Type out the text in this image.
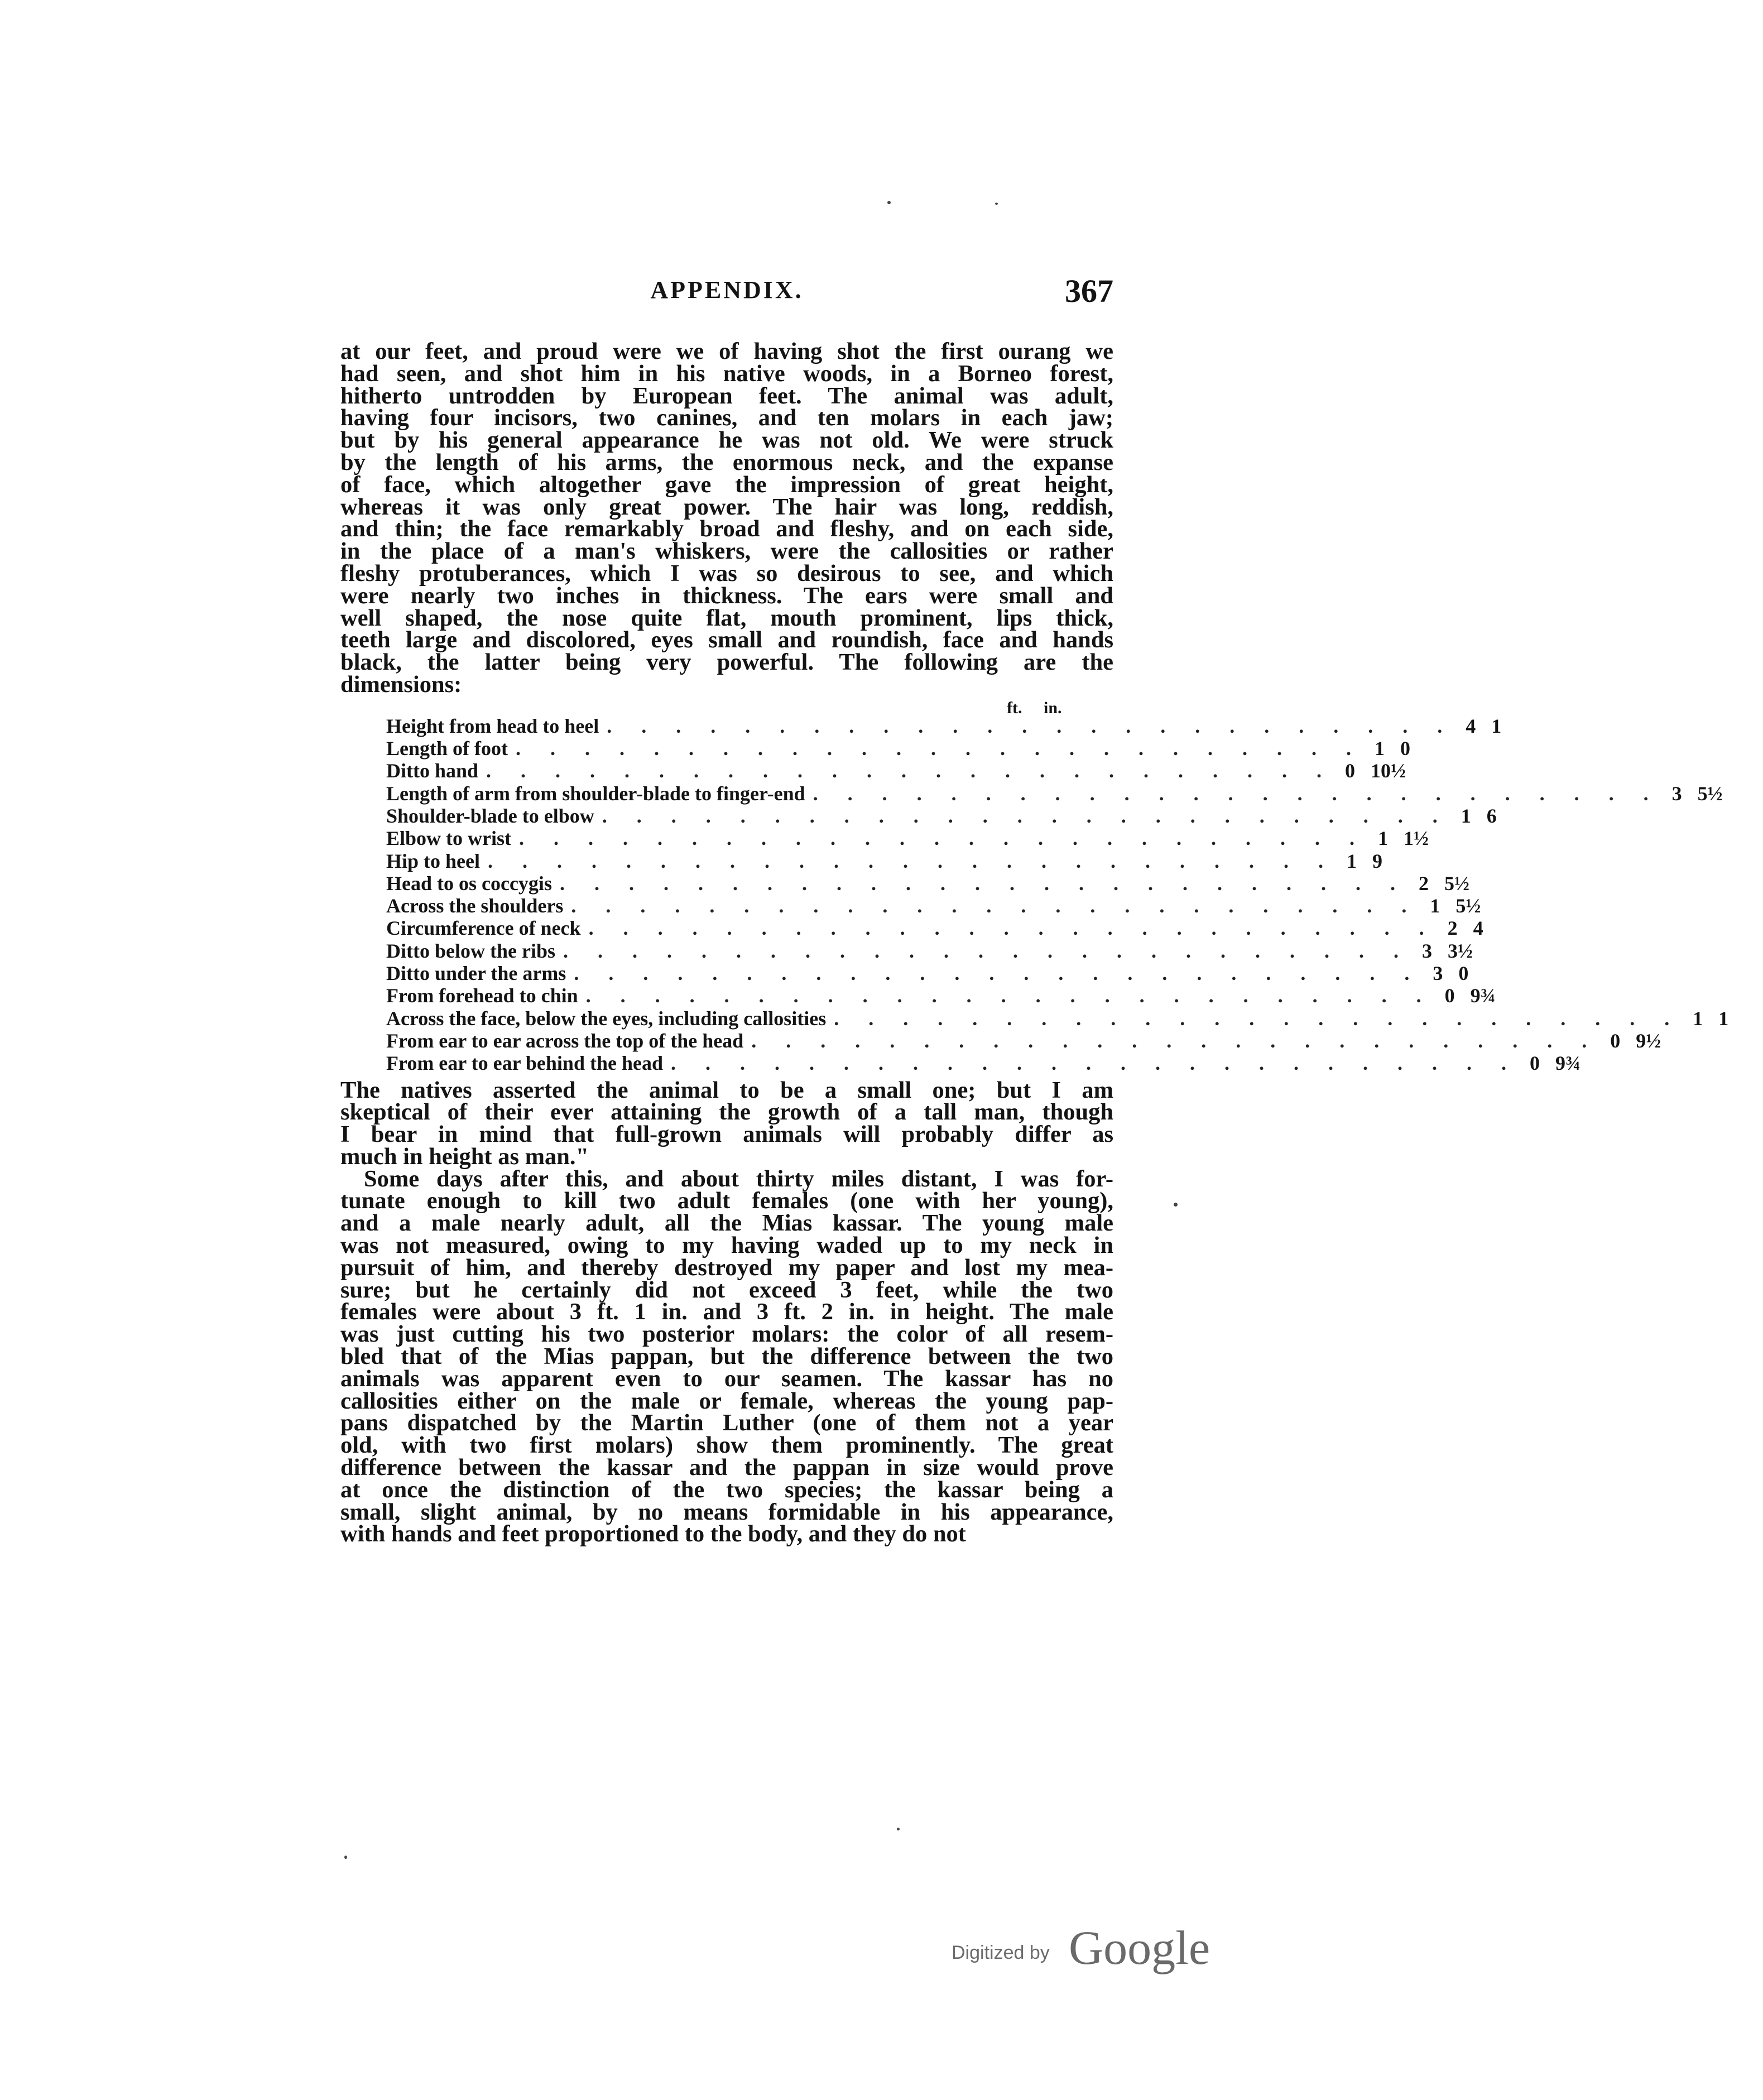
APPENDIX.	367
at our feet, and proud were we of having shot the first ourang we
had seen, and shot him in his native woods, in a Borneo forest,
hitherto untrodden by European feet. The animal was adult,
having four incisors, two canines, and ten molars in each jaw;
but by his general appearance he was not old. We were struck
by the length of his arms, the enormous neck, and the expanse
of face, which altogether gave the impression of great height,
whereas it was only great power. The hair was long, reddish,
and thin; the face remarkably broad and fleshy, and on each side,
in the place of a man's whiskers, were the callosities or rather
fleshy protuberances, which I was so desirous to see, and which
were nearly two inches in thickness. The ears were small and
well shaped, the nose quite flat, mouth prominent, lips thick,
teeth large and discolored, eyes small and roundish, face and hands
black, the latter being very powerful. The following are the
dimensions:
ft. in.
Height from head to heel . . . . . . . . . . . . . . . . . . . . . . . . . 4 1
Length of foot . . . . . . . . . . . . . . . . . . . . . . . . . 1 0
Ditto hand . . . . . . . . . . . . . . . . . . . . . . . . . 0 10½
Length of arm from shoulder-blade to finger-end . . . . . . . . . . . . . . . . . . . . . . . . . 3 5½
Shoulder-blade to elbow . . . . . . . . . . . . . . . . . . . . . . . . . 1 6
Elbow to wrist . . . . . . . . . . . . . . . . . . . . . . . . . 1 1½
Hip to heel . . . . . . . . . . . . . . . . . . . . . . . . . 1 9
Head to os coccygis . . . . . . . . . . . . . . . . . . . . . . . . . 2 5½
Across the shoulders . . . . . . . . . . . . . . . . . . . . . . . . . 1 5½
Circumference of neck . . . . . . . . . . . . . . . . . . . . . . . . . 2 4
Ditto below the ribs . . . . . . . . . . . . . . . . . . . . . . . . . 3 3½
Ditto under the arms . . . . . . . . . . . . . . . . . . . . . . . . . 3 0
From forehead to chin . . . . . . . . . . . . . . . . . . . . . . . . . 0 9¾
Across the face, below the eyes, including callosities . . . . . . . . . . . . . . . . . . . . . . . . . 1 1
From ear to ear across the top of the head . . . . . . . . . . . . . . . . . . . . . . . . . 0 9½
From ear to ear behind the head . . . . . . . . . . . . . . . . . . . . . . . . . 0 9¾
The natives asserted the animal to be a small one; but I am
skeptical of their ever attaining the growth of a tall man, though
I bear in mind that full-grown animals will probably differ as
much in height as man."
Some days after this, and about thirty miles distant, I was for-
tunate enough to kill two adult females (one with her young),
and a male nearly adult, all the Mias kassar. The young male
was not measured, owing to my having waded up to my neck in
pursuit of him, and thereby destroyed my paper and lost my mea-
sure; but he certainly did not exceed 3 feet, while the two
females were about 3 ft. 1 in. and 3 ft. 2 in. in height. The male
was just cutting his two posterior molars: the color of all resem-
bled that of the Mias pappan, but the difference between the two
animals was apparent even to our seamen. The kassar has no
callosities either on the male or female, whereas the young pap-
pans dispatched by the Martin Luther (one of them not a year
old, with two first molars) show them prominently. The great
difference between the kassar and the pappan in size would prove
at once the distinction of the two species; the kassar being a
small, slight animal, by no means formidable in his appearance,
with hands and feet proportioned to the body, and they do not
Digitized by Google
